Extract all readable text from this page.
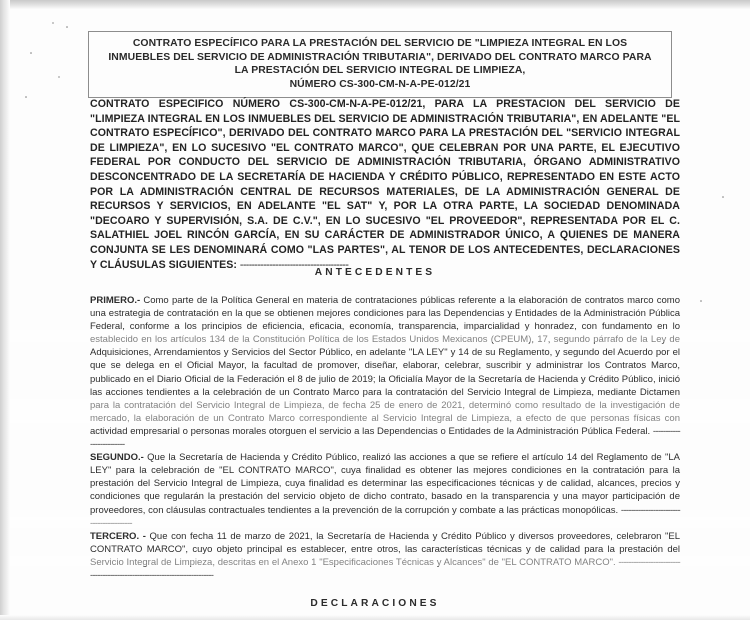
CONTRATO ESPECÍFICO PARA LA PRESTACIÓN DEL SERVICIO DE "LIMPIEZA INTEGRAL EN LOS

INMUEBLES DEL SERVICIO DE ADMINISTRACIÓN TRIBUTARIA", DERIVADO DEL CONTRATO MARCO PARA

LA PRESTACIÓN DEL SERVICIO INTEGRAL DE LIMPIEZA,

NÚMERO CS-300-CM-N-A-PE-012/21

CONTRATO ESPECIFICO NÚMERO CS-300-CM-N-A-PE-012/21, PARA LA PRESTACION DEL SERVICIO DE "LIMPIEZA INTEGRAL EN LOS INMUEBLES DEL SERVICIO DE ADMINISTRACIÓN TRIBUTARIA", EN ADELANTE "EL CONTRATO ESPECÍFICO", DERIVADO DEL CONTRATO MARCO PARA LA PRESTACIÓN DEL "SERVICIO INTEGRAL DE LIMPIEZA", EN LO SUCESIVO "EL CONTRATO MARCO", QUE CELEBRAN POR UNA PARTE, EL EJECUTIVO FEDERAL POR CONDUCTO DEL SERVICIO DE ADMINISTRACIÓN TRIBUTARIA, ÓRGANO ADMINISTRATIVO DESCONCENTRADO DE LA SECRETARÍA DE HACIENDA Y CRÉDITO PÚBLICO, REPRESENTADO EN ESTE ACTO POR LA ADMINISTRACIÓN CENTRAL DE RECURSOS MATERIALES, DE LA ADMINISTRACIÓN GENERAL DE RECURSOS Y SERVICIOS, EN ADELANTE "EL SAT" Y, POR LA OTRA PARTE, LA SOCIEDAD DENOMINADA "DECOARO Y SUPERVISIÓN, S.A. DE C.V.", EN LO SUCESIVO "EL PROVEEDOR", REPRESENTADA POR EL C. SALATHIEL JOEL RINCÓN GARCÍA, EN SU CARÁCTER DE ADMINISTRADOR ÚNICO, A QUIENES DE MANERA CONJUNTA SE LES DENOMINARÁ COMO "LAS PARTES", AL TENOR DE LOS ANTECEDENTES, DECLARACIONES Y CLÁUSULAS SIGUIENTES: -------------------------------------
ANTECEDENTES

PRIMERO.- Como parte de la Política General en materia de contrataciones públicas referente a la elaboración de contratos marco como una estrategia de contratación en la que se obtienen mejores condiciones para las Dependencias y Entidades de la Administración Pública Federal, conforme a los principios de eficiencia, eficacia, economía, transparencia, imparcialidad y honradez, con fundamento en lo establecido en los artículos 134 de la Constitución Política de los Estados Unidos Mexicanos (CPEUM), 17, segundo párrafo de la Ley de Adquisiciones, Arrendamientos y Servicios del Sector Público, en adelante "LA LEY" y 14 de su Reglamento, y segundo del Acuerdo por el que se delega en el Oficial Mayor, la facultad de promover, diseñar, elaborar, celebrar, suscribir y administrar los Contratos Marco, publicado en el Diario Oficial de la Federación el 8 de julio de 2019; la Oficialía Mayor de la Secretaría de Hacienda y Crédito Público, inició las acciones tendientes a la celebración de un Contrato Marco para la contratación del Servicio Integral de Limpieza, mediante Dictamen para la contratación del Servicio Integral de Limpieza, de fecha 25 de enero de 2021, determinó como resultado de la investigación de mercado, la elaboración de un Contrato Marco correspondiente al Servicio Integral de Limpieza, a efecto de que personas físicas con actividad empresarial o personas morales otorguen el servicio a las Dependencias o Entidades de la Administración Pública Federal. -------------------------

SEGUNDO.- Que la Secretaría de Hacienda y Crédito Público, realizó las acciones a que se refiere el artículo 14 del Reglamento de "LA LEY" para la celebración de "EL CONTRATO MARCO", cuya finalidad es obtener las mejores condiciones en la contratación para la prestación del Servicio Integral de Limpieza, cuya finalidad es determinar las especificaciones técnicas y de calidad, alcances, precios y condiciones que regularán la prestación del servicio objeto de dicho contrato, basado en la transparencia y una mayor participación de proveedores, con cláusulas contractuales tendientes a la prevención de la corrupción y combate a las prácticas monopólicas. -----------------------------------------

TERCERO. - Que con fecha 11 de marzo de 2021, la Secretaría de Hacienda y Crédito Público y diversos proveedores, celebraron "EL CONTRATO MARCO", cuyo objeto principal es establecer, entre otros, las características técnicas y de calidad para la prestación del Servicio Integral de Limpieza, descritas en el Anexo 1 "Especificaciones Técnicas y Alcances" de "EL CONTRATO MARCO". ---------------------------------------------------------------------------

DECLARACIONES
